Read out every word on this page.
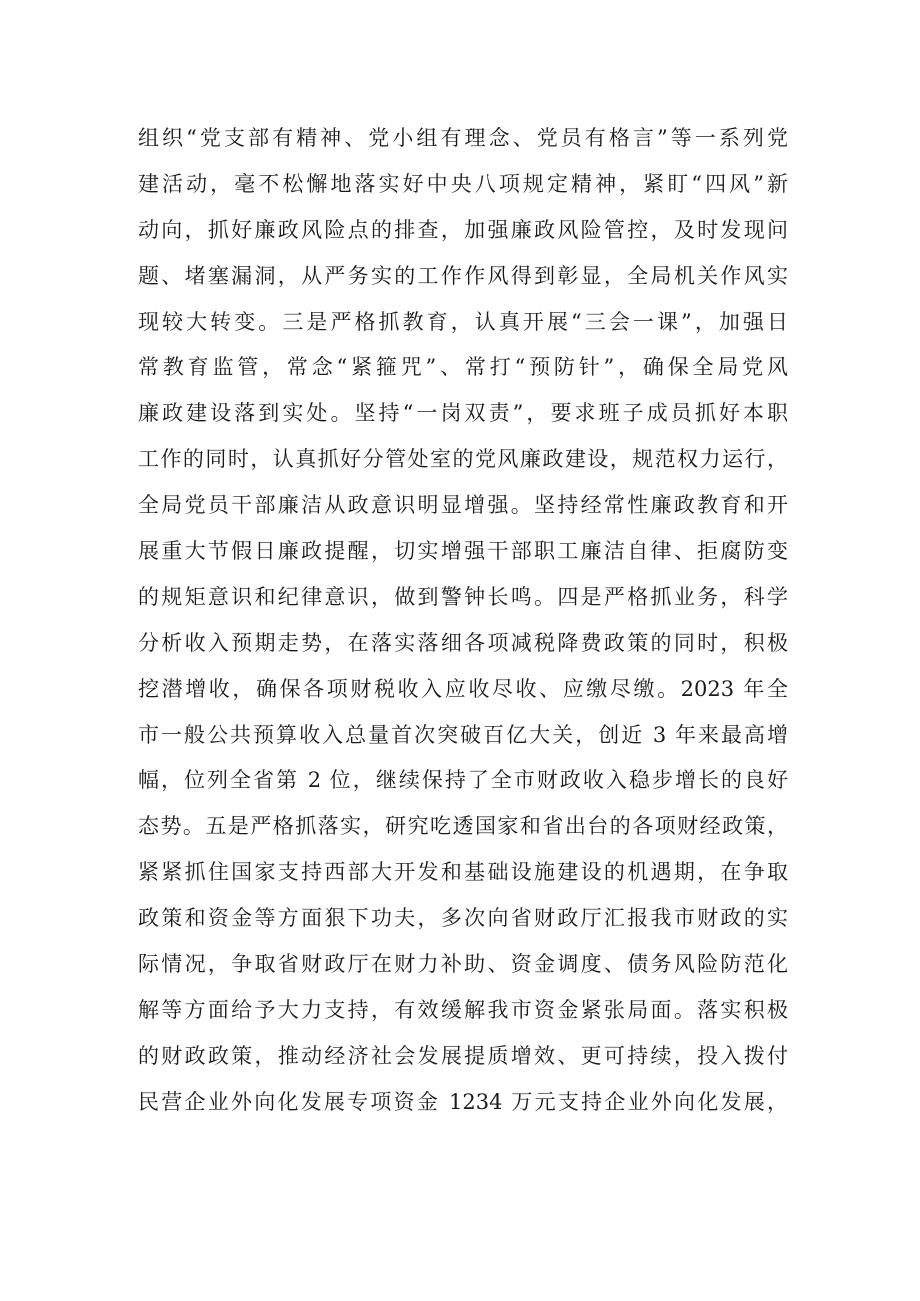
组织“党支部有精神、党小组有理念、党员有格言”等一系列党
建活动，毫不松懈地落实好中央八项规定精神，紧盯“四风”新
动向，抓好廉政风险点的排查，加强廉政风险管控，及时发现问
题、堵塞漏洞，从严务实的工作作风得到彰显，全局机关作风实
现较大转变。三是严格抓教育，认真开展“三会一课”，加强日
常教育监管，常念“紧箍咒”、常打“预防针”，确保全局党风
廉政建设落到实处。坚持“一岗双责”，要求班子成员抓好本职
工作的同时，认真抓好分管处室的党风廉政建设，规范权力运行，
全局党员干部廉洁从政意识明显增强。坚持经常性廉政教育和开
展重大节假日廉政提醒，切实增强干部职工廉洁自律、拒腐防变
的规矩意识和纪律意识，做到警钟长鸣。四是严格抓业务，科学
分析收入预期走势，在落实落细各项减税降费政策的同时，积极
挖潜增收，确保各项财税收入应收尽收、应缴尽缴。2023 年全
市一般公共预算收入总量首次突破百亿大关，创近 3 年来最高增
幅，位列全省第 2 位，继续保持了全市财政收入稳步增长的良好
态势。五是严格抓落实，研究吃透国家和省出台的各项财经政策，
紧紧抓住国家支持西部大开发和基础设施建设的机遇期，在争取
政策和资金等方面狠下功夫，多次向省财政厅汇报我市财政的实
际情况，争取省财政厅在财力补助、资金调度、债务风险防范化
解等方面给予大力支持，有效缓解我市资金紧张局面。落实积极
的财政政策，推动经济社会发展提质增效、更可持续，投入拨付
民营企业外向化发展专项资金 1234 万元支持企业外向化发展，
